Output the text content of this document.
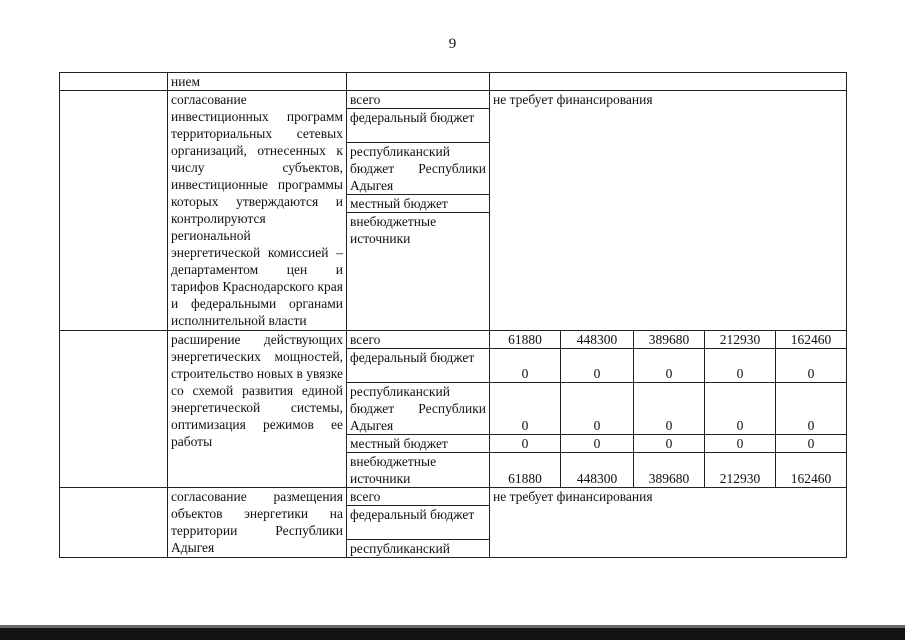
9

	нием						

	согласование инвестиционных программ территориальных сетевых организаций, отнесенных к числу субъектов, инвестиционные программы которых утверждаются и контролируются региональной энергетической комиссией – департаментом цен и тарифов Краснодарского края и федеральными органами исполнительной власти	всего	не требует финансирования				
		федеральный бюджет					
		республиканский бюджет Республики Адыгея					
		местный бюджет					
		внебюджетные источники					

	расширение действующих энергетических мощностей, строительство новых в увязке со схемой развития единой энергетической системы, оптимизация режимов ее работы	всего	61880	448300	389680	212930	162460
		федеральный бюджет	0	0	0	0	0
		республиканский бюджет Республики Адыгея	0	0	0	0	0
		местный бюджет	0	0	0	0	0
		внебюджетные источники	61880	448300	389680	212930	162460

	согласование размещения объектов энергетики на территории Республики Адыгея	всего	не требует финансирования				
		федеральный бюджет					
		республиканский					
